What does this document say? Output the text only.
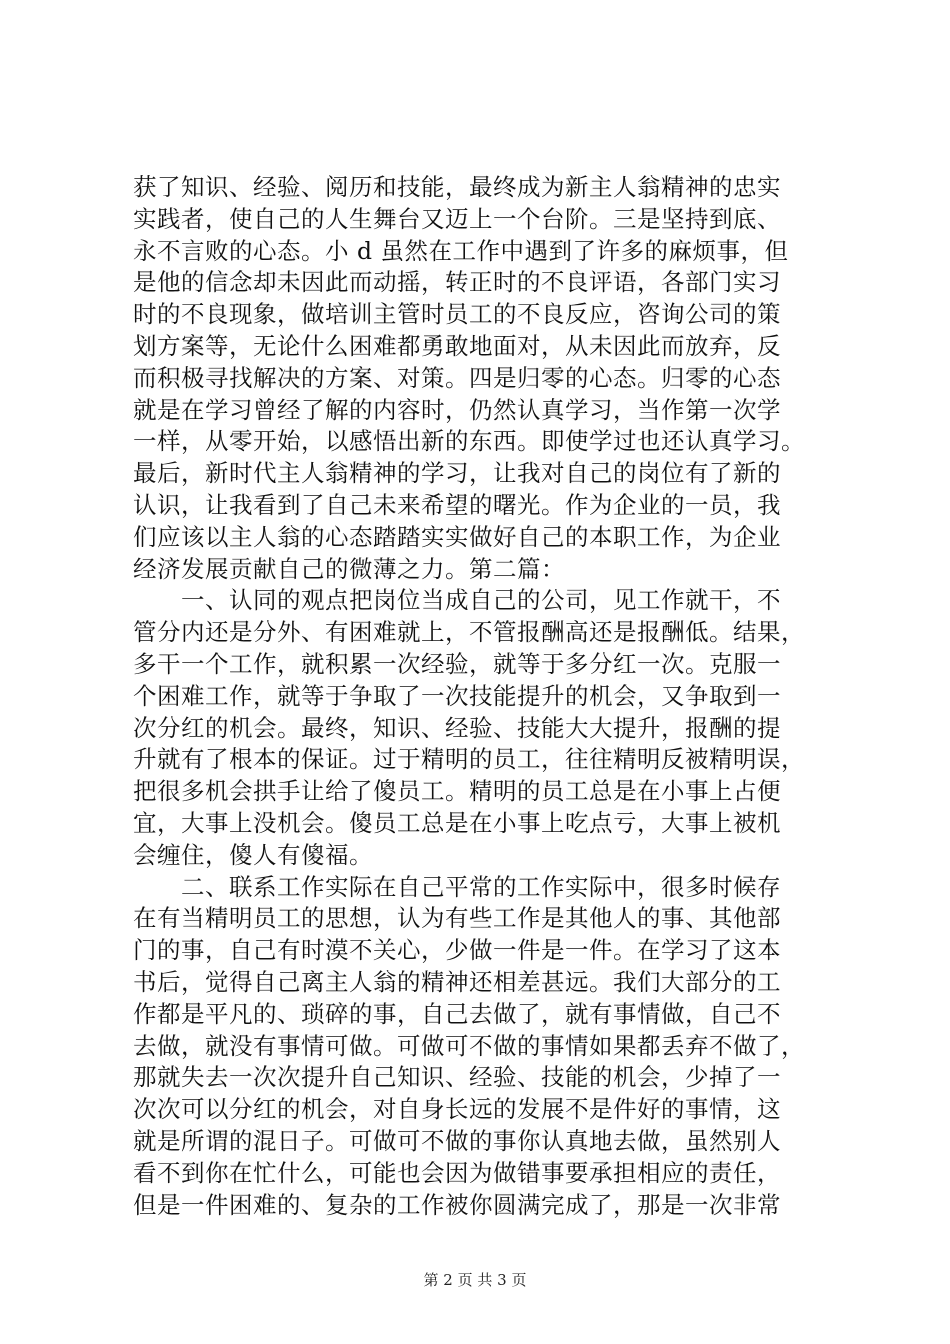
获了知识、经验、阅历和技能，最终成为新主人翁精神的忠实
实践者，使自己的人生舞台又迈上一个台阶。三是坚持到底、
永不言败的心态。小 d 虽然在工作中遇到了许多的麻烦事，但
是他的信念却未因此而动摇，转正时的不良评语，各部门实习
时的不良现象，做培训主管时员工的不良反应，咨询公司的策
划方案等，无论什么困难都勇敢地面对，从未因此而放弃，反
而积极寻找解决的方案、对策。四是归零的心态。归零的心态
就是在学习曾经了解的内容时，仍然认真学习，当作第一次学
一样，从零开始，以感悟出新的东西。即使学过也还认真学习。
最后，新时代主人翁精神的学习，让我对自己的岗位有了新的
认识，让我看到了自己未来希望的曙光。作为企业的一员，我
们应该以主人翁的心态踏踏实实做好自己的本职工作，为企业
经济发展贡献自己的微薄之力。第二篇：
　　一、认同的观点把岗位当成自己的公司，见工作就干，不
管分内还是分外、有困难就上，不管报酬高还是报酬低。结果，
多干一个工作，就积累一次经验，就等于多分红一次。克服一
个困难工作，就等于争取了一次技能提升的机会，又争取到一
次分红的机会。最终，知识、经验、技能大大提升，报酬的提
升就有了根本的保证。过于精明的员工，往往精明反被精明误，
把很多机会拱手让给了傻员工。精明的员工总是在小事上占便
宜，大事上没机会。傻员工总是在小事上吃点亏，大事上被机
会缠住，傻人有傻福。
　　二、联系工作实际在自己平常的工作实际中，很多时候存
在有当精明员工的思想，认为有些工作是其他人的事、其他部
门的事，自己有时漠不关心，少做一件是一件。在学习了这本
书后，觉得自己离主人翁的精神还相差甚远。我们大部分的工
作都是平凡的、琐碎的事，自己去做了，就有事情做，自己不
去做，就没有事情可做。可做可不做的事情如果都丢弃不做了，
那就失去一次次提升自己知识、经验、技能的机会，少掉了一
次次可以分红的机会，对自身长远的发展不是件好的事情，这
就是所谓的混日子。可做可不做的事你认真地去做，虽然别人
看不到你在忙什么，可能也会因为做错事要承担相应的责任，
但是一件困难的、复杂的工作被你圆满完成了，那是一次非常
第 2 页 共 3 页
